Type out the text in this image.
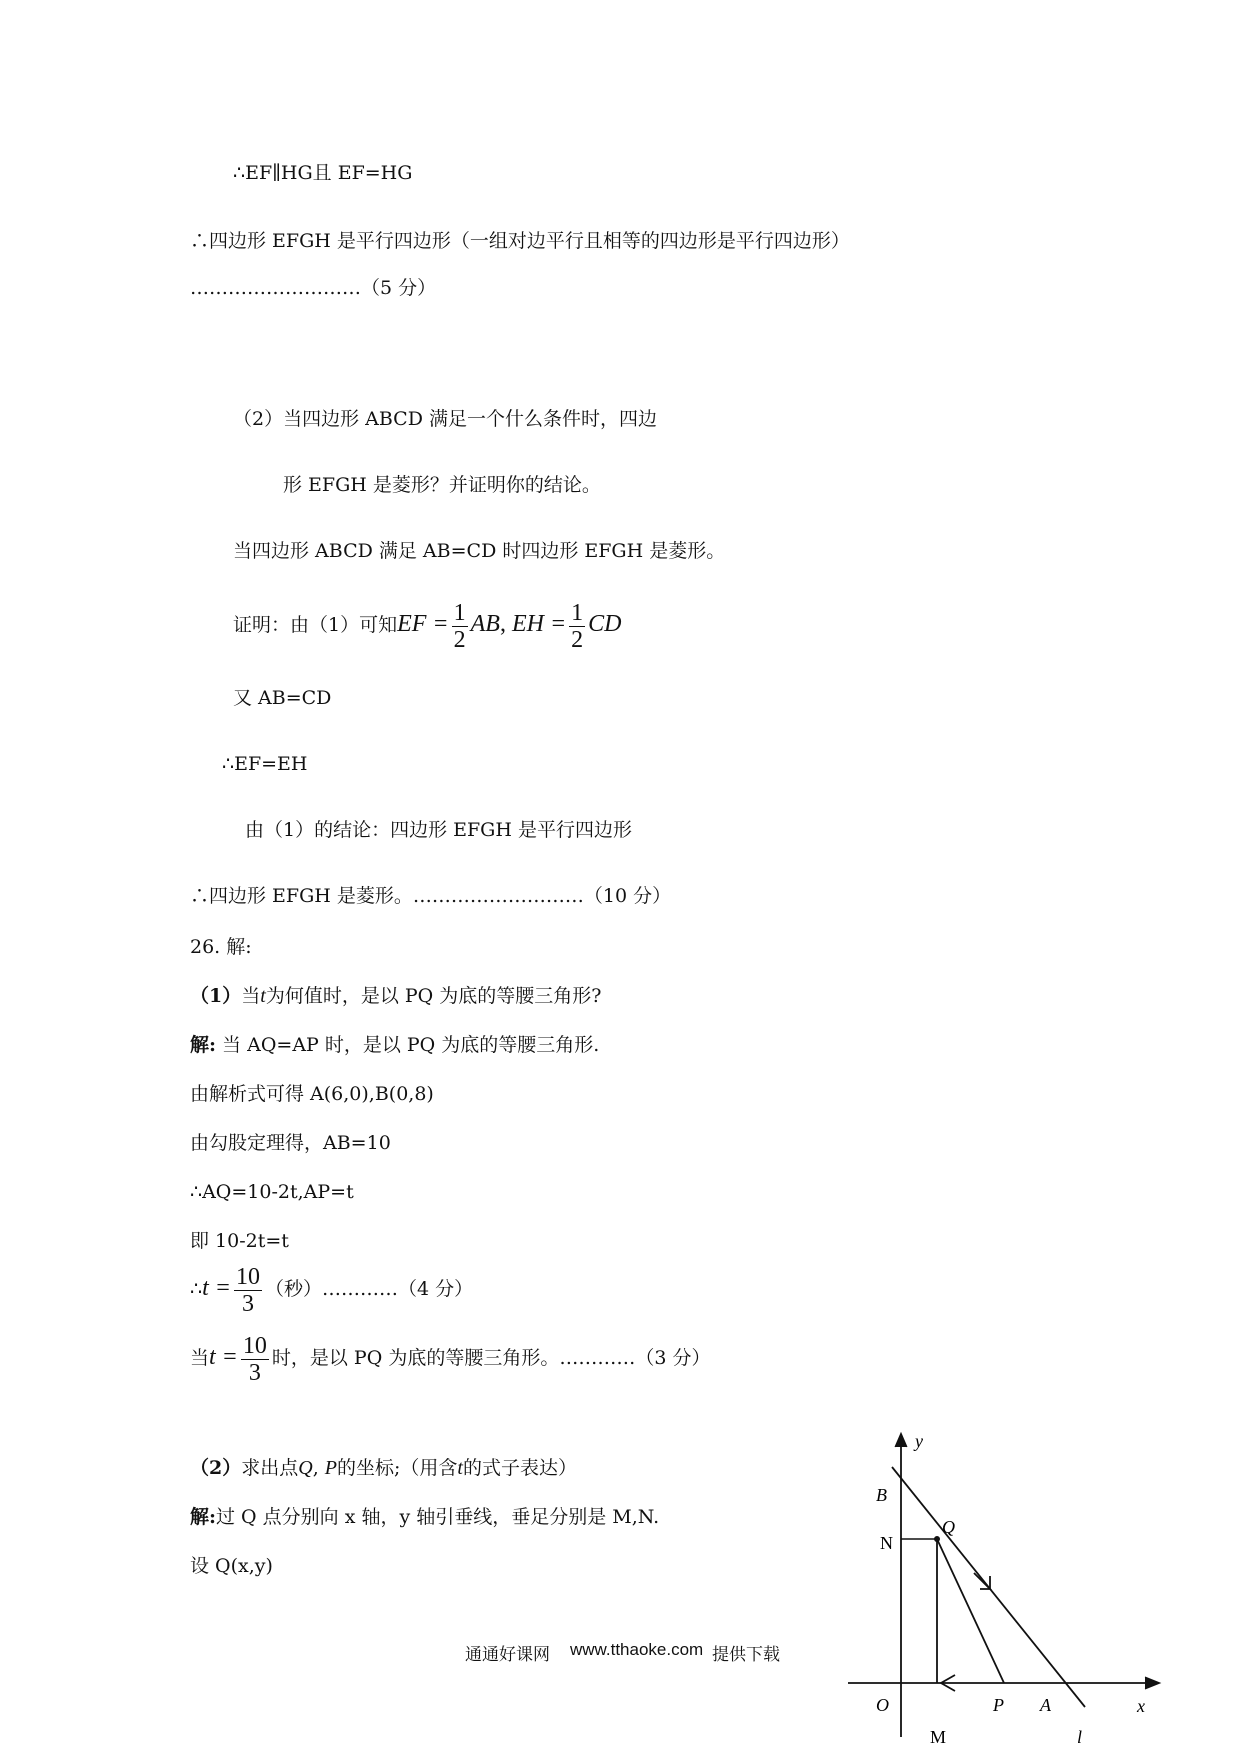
∴EF∥HG且 EF=HG
∴四边形 EFGH 是平行四边形（一组对边平行且相等的四边形是平行四边形）
………………………（5 分）
（2）当四边形 ABCD 满足一个什么条件时，四边
形 EFGH 是菱形？并证明你的结论。
当四边形 ABCD 满足 AB=CD 时四边形 EFGH 是菱形。
证明：由（1）可知EF = $\frac{1}{2}$ AB, EH = $\frac{1}{2}$ CD
又 AB=CD
∴EF=EH
由（1）的结论：四边形 EFGH 是平行四边形
∴四边形 EFGH 是菱形。………………………（10 分）
26. 解:
（1）当t为何值时，是以 PQ 为底的等腰三角形?
解: 当 AQ=AP 时，是以 PQ 为底的等腰三角形.
由解析式可得 A(6,0),B(0,8)
由勾股定理得，AB=10
∴AQ=10-2t,AP=t
即 10-2t=t
∴t = $\frac{10}{3}$ （秒）…………（4 分）
当$t = \frac{10}{3}$ 时，是以 PQ 为底的等腰三角形。…………（3 分）
（2）求出点Q, P的坐标;（用含t的式子表达）
解:过 Q 点分别向 x 轴，y 轴引垂线，垂足分别是 M,N.
设 Q(x,y)
通通好课网 www.tthaoke.com 提供下载
y
B
Q
N
O	P A	x
M	l
